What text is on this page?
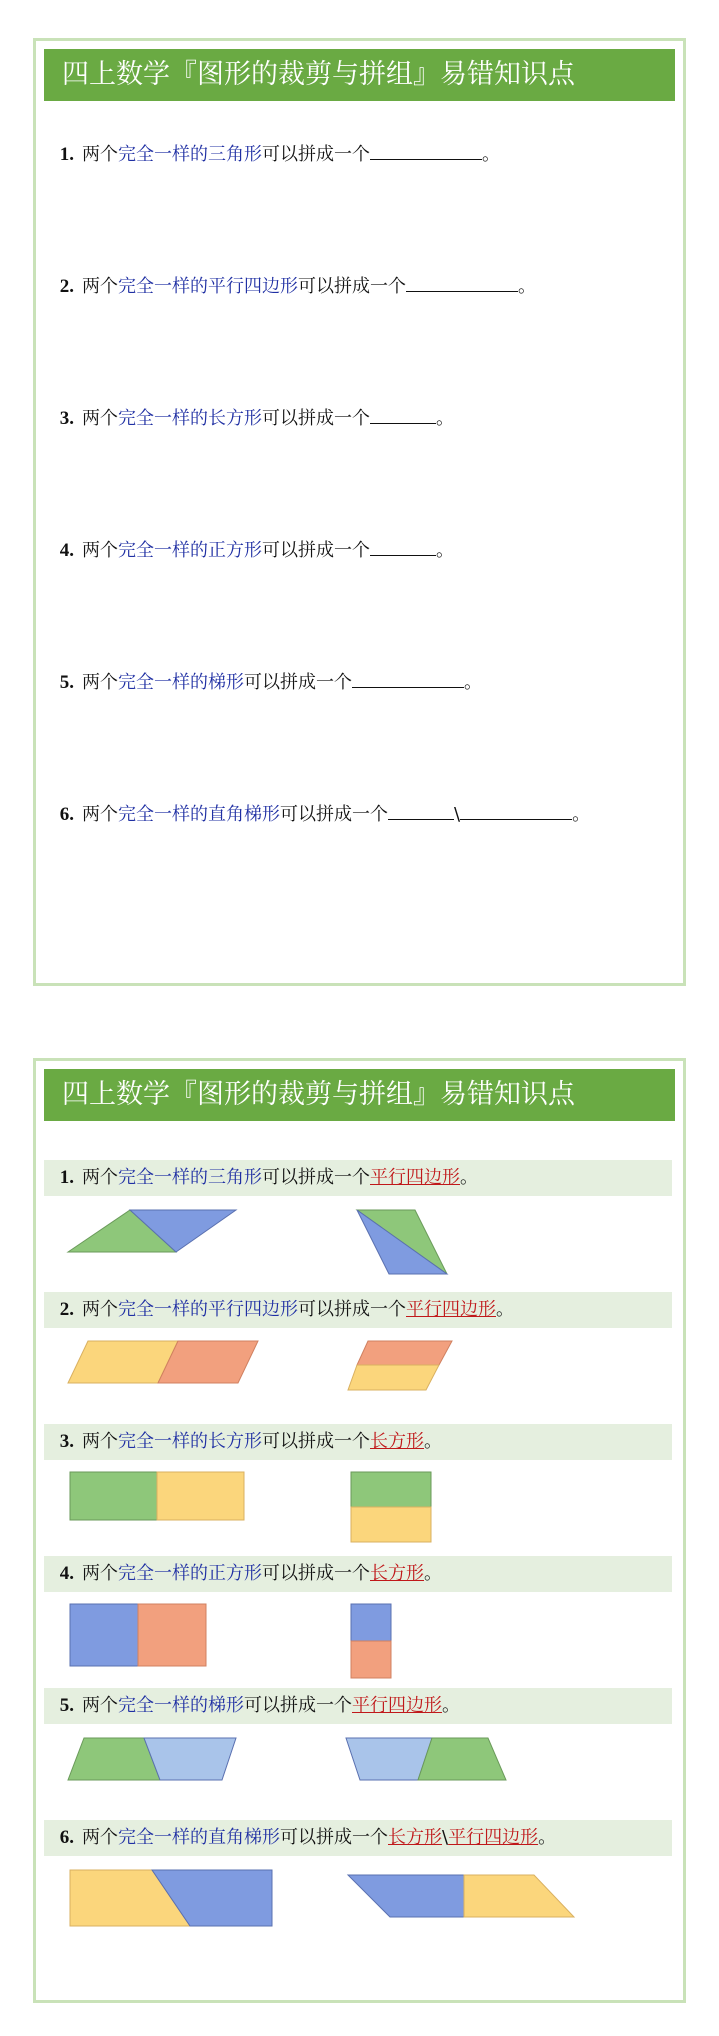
四上数学『图形的裁剪与拼组』易错知识点
1. 两个完全一样的三角形可以拼成一个	。
2. 两个完全一样的平行四边形可以拼成一个	。
3. 两个完全一样的长方形可以拼成一个	。
4. 两个完全一样的正方形可以拼成一个	。
5. 两个完全一样的梯形可以拼成一个	。
6. 两个完全一样的直角梯形可以拼成一个	\	。
四上数学『图形的裁剪与拼组』易错知识点
1. 两个完全一样的三角形可以拼成一个平行四边形。
2. 两个完全一样的平行四边形可以拼成一个平行四边形。
3. 两个完全一样的长方形可以拼成一个长方形。
4. 两个完全一样的正方形可以拼成一个长方形。
5. 两个完全一样的梯形可以拼成一个平行四边形。
6. 两个完全一样的直角梯形可以拼成一个长方形\平行四边形。
